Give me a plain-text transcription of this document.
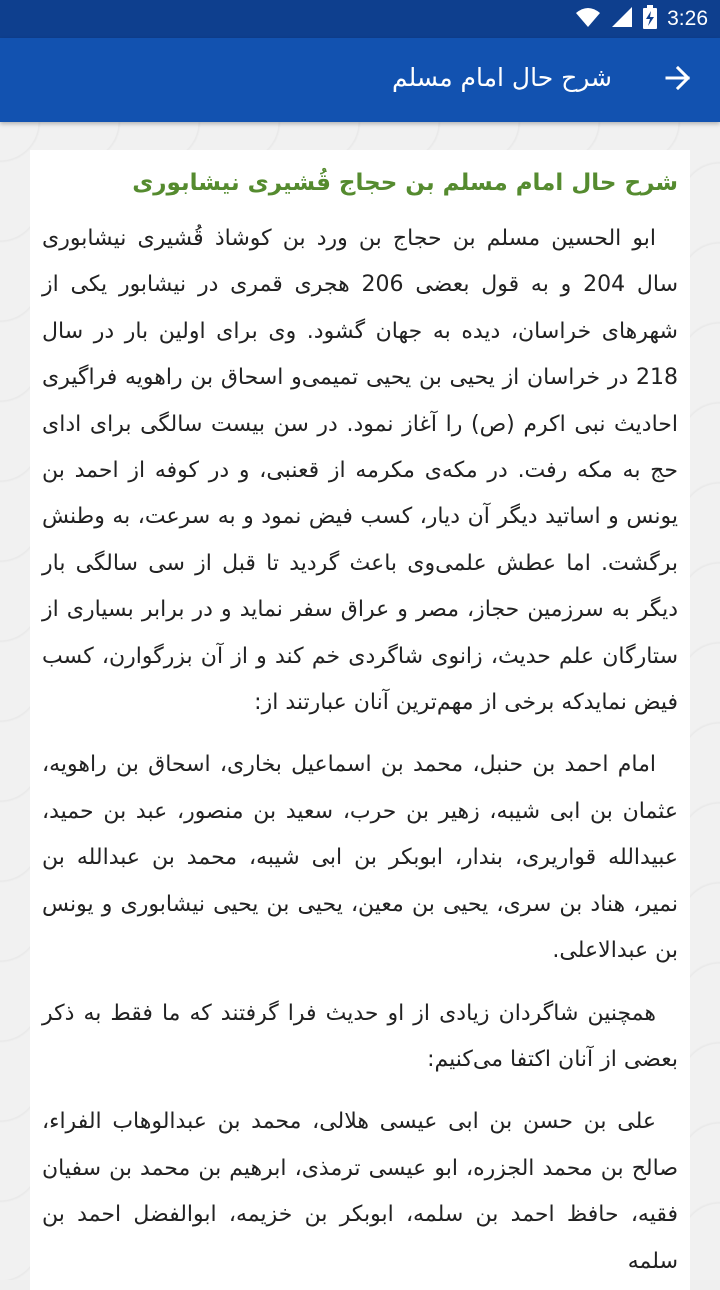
3:26
شرح حال امام مسلم
شرح حال امام مسلم بن حجاج قُشیری نیشابوری

ابو الحسین مسلم بن حجاج بن ورد بن کوشاذ قُشیری نیشابوری سال 204 و به قول بعضی 206 هجری قمری در نیشابور یکی از شهرهای خراسان، دیده به جهان گشود. وی برای اولین بار در سال 218 در خراسان از یحیی بن یحیی تمیمی‌و اسحاق بن راهویه فراگیری احادیث نبی اکرم (ص) را آغاز نمود. در سن بیست سالگی برای ادای حج به مکه رفت. در مکه‌ی مکرمه از قعنبی، و در کوفه از احمد بن یونس و اساتید دیگر آن دیار، کسب فیض نمود و به سرعت، به وطنش برگشت. اما عطش علمی‌وی باعث گردید تا قبل از سی سالگی بار دیگر به سرزمین حجاز، مصر و عراق سفر نماید و در برابر بسیاری از ستارگان علم حدیث، زانوی شاگردی خم کند و از آن بزرگوارن، کسب فیض نمایدکه برخی از مهم‌ترین آنان عبارتند از:

امام احمد بن حنبل، محمد بن اسماعیل بخاری، اسحاق بن راهویه، عثمان بن ابی شیبه، زهیر بن حرب، سعید بن منصور، عبد بن حمید، عبیدالله قواریری، بندار، ابوبکر بن ابی شیبه، محمد بن عبدالله بن نمیر، هناد بن سری، یحیی بن معین، یحیی بن یحیی نیشابوری و یونس بن عبدالاعلی.

همچنین شاگردان زیادی از او حدیث فرا گرفتند که ما فقط به ذکر بعضی از آنان اکتفا می‌کنیم:

علی بن حسن بن ابی عیسی هلالی، محمد بن عبدالوهاب الفراء، صالح بن محمد الجزره، ابو عیسی ترمذی، ابرهیم بن محمد بن سفیان فقیه، حافظ احمد بن سلمه، ابوبکر بن خزیمه، ابوالفضل احمد بن سلمه
